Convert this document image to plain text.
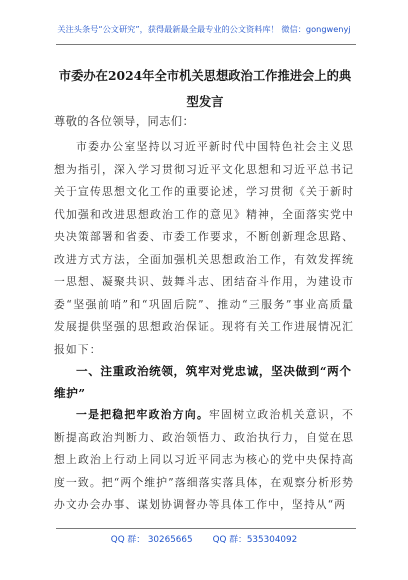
关注头条号“公文研究”，获得最新最全最专业的公文资料库！ 微信：gongwenyj
市委办在2024年全市机关思想政治工作推进会上的典型发言
尊敬的各位领导，同志们：
市委办公室坚持以习近平新时代中国特色社会主义思想为指引，深入学习贯彻习近平文化思想和习近平总书记关于宣传思想文化工作的重要论述，学习贯彻《关于新时代加强和改进思想政治工作的意见》精神，全面落实党中央决策部署和省委、市委工作要求，不断创新理念思路、改进方式方法，全面加强机关思想政治工作，有效发挥统一思想、凝聚共识、鼓舞斗志、团结奋斗作用，为建设市委“坚强前哨”和“巩固后院”、推动“三服务”事业高质量发展提供坚强的思想政治保证。现将有关工作进展情况汇报如下：
一、注重政治统领，筑牢对党忠诚，坚决做到“两个维护”
一是把稳把牢政治方向。牢固树立政治机关意识，不断提高政治判断力、政治领悟力、政治执行力，自觉在思想上政治上行动上同以习近平同志为核心的党中央保持高度一致。把“两个维护”落细落实落具体，在观察分析形势办文办会办事、谋划协调督办等具体工作中，坚持从“两
QQ 群： 30265665 QQ 群：535304092
